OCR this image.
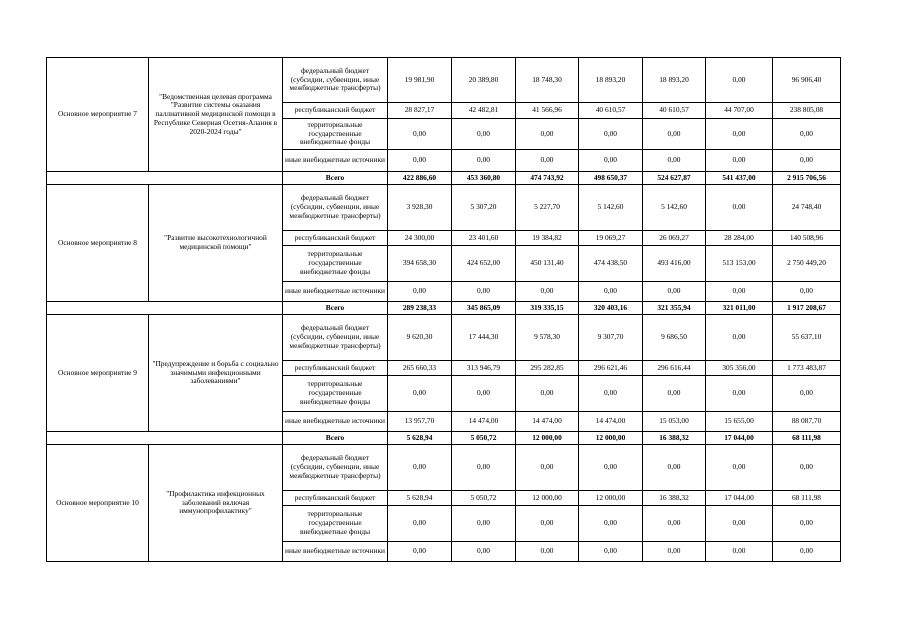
Основное мероприятие 7	"Ведомственная целевая программа "Развитие системы оказания паллиативной медицинской помощи в Республике Северная Осетия-Алания в 2020-2024 годы"	федеральный бюджет (субсидии, субвенции, иные межбюджетные трансферты)	19 981,90	20 389,80	18 748,30	18 893,20	18 893,20	0,00	96 906,40
		республиканский бюджет	28 827,17	42 482,81	41 566,96	40 610,57	40 610,57	44 707,00	238 805,08
		территориальные государственные внебюджетные фонды	0,00	0,00	0,00	0,00	0,00	0,00	0,00
		иные внебюджетные источники	0,00	0,00	0,00	0,00	0,00	0,00	0,00
		Всего	422 886,60	453 360,80	474 743,92	498 650,37	524 627,87	541 437,00	2 915 706,56
Основное мероприятие 8	"Развитие высокотехнологичной медицинской помощи"	федеральный бюджет (субсидии, субвенции, иные межбюджетные трансферты)	3 928,30	5 307,20	5 227,70	5 142,60	5 142,60	0,00	24 748,40
		республиканский бюджет	24 300,00	23 401,60	19 384,82	19 069,27	26 069,27	28 284,00	140 508,96
		территориальные государственные внебюджетные фонды	394 658,30	424 652,00	450 131,40	474 438,50	493 416,00	513 153,00	2 750 449,20
		иные внебюджетные источники	0,00	0,00	0,00	0,00	0,00	0,00	0,00
		Всего	289 238,33	345 865,09	319 335,15	320 403,16	321 355,94	321 011,00	1 917 208,67
Основное мероприятие 9	"Предупреждение и борьба с социально значимыми инфекционными заболеваниями"	федеральный бюджет (субсидии, субвенции, иные межбюджетные трансферты)	9 620,30	17 444,30	9 578,30	9 307,70	9 686,50	0,00	55 637,10
		республиканский бюджет	265 660,33	313 946,79	295 282,85	296 621,46	296 616,44	305 356,00	1 773 483,87
		территориальные государственные внебюджетные фонды	0,00	0,00	0,00	0,00	0,00	0,00	0,00
		иные внебюджетные источники	13 957,70	14 474,00	14 474,00	14 474,00	15 053,00	15 655,00	88 087,70
		Всего	5 628,94	5 050,72	12 000,00	12 000,00	16 388,32	17 044,00	68 111,98
Основное мероприятие 10	"Профилактика инфекционных заболеваний включая иммунопрофилактику"	федеральный бюджет (субсидии, субвенции, иные межбюджетные трансферты)	0,00	0,00	0,00	0,00	0,00	0,00	0,00
		республиканский бюджет	5 628,94	5 050,72	12 000,00	12 000,00	16 388,32	17 044,00	68 111,98
		территориальные государственные внебюджетные фонды	0,00	0,00	0,00	0,00	0,00	0,00	0,00
		иные внебюджетные источники	0,00	0,00	0,00	0,00	0,00	0,00	0,00
